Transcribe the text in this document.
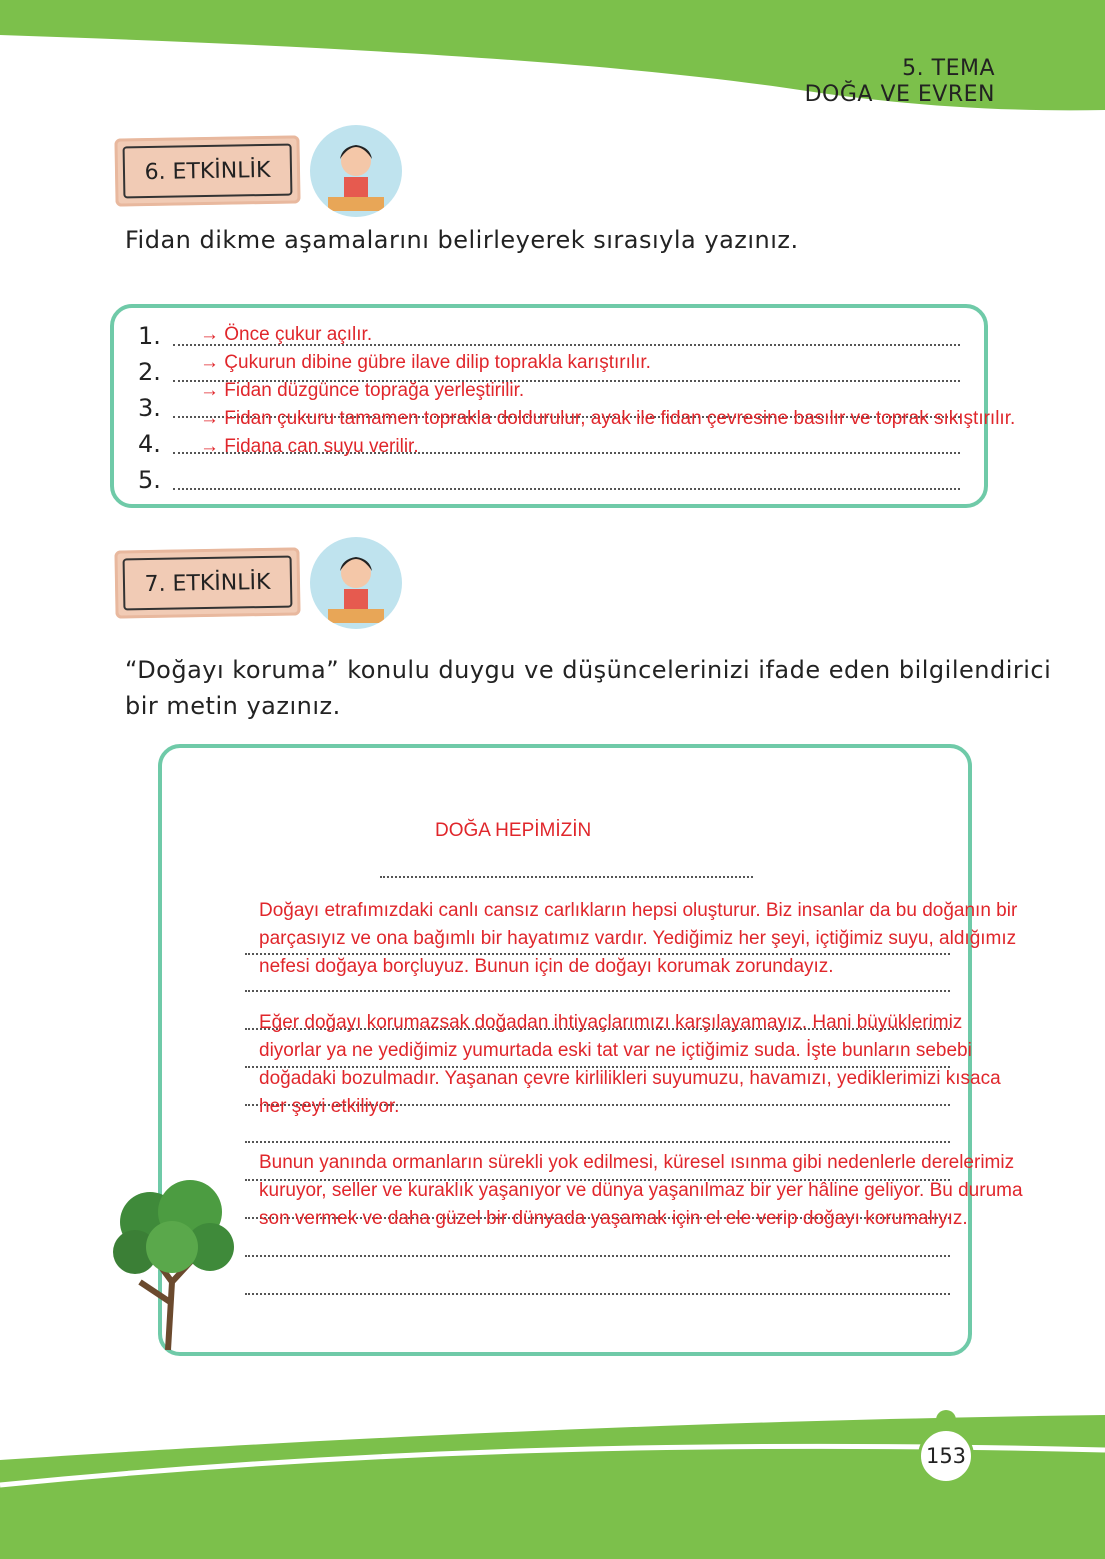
5. TEMA
DOĞA VE EVREN
6. ETKİNLİK
Fidan dikme aşamalarını belirleyerek sırasıyla yazınız.
1.
2.
3.
4.
5.
→ Önce çukur açılır.
→ Çukurun dibine gübre ilave dilip toprakla karıştırılır.
→ Fidan düzgünce toprağa yerleştirilir.
→ Fidan çukuru tamamen toprakla doldurulur, ayak ile fidan çevresine basılır ve toprak sıkıştırılır.
→ Fidana can suyu verilir.
7. ETKİNLİK
“Doğayı koruma” konulu duygu ve düşüncelerinizi ifade eden bilgilendirici
bir metin yazınız.
DOĞA HEPİMİZİN
Doğayı etrafımızdaki canlı cansız carlıkların hepsi oluşturur. Biz insanlar da bu doğanın bir
parçasıyız ve ona bağımlı bir hayatımız vardır. Yediğimiz her şeyi, içtiğimiz suyu, aldığımız
nefesi doğaya borçluyuz. Bunun için de doğayı korumak zorundayız.
Eğer doğayı korumazsak doğadan ihtiyaçlarımızı karşılayamayız. Hani büyüklerimiz
diyorlar ya ne yediğimiz yumurtada eski tat var ne içtiğimiz suda. İşte bunların sebebi
doğadaki bozulmadır. Yaşanan çevre kirlilikleri suyumuzu, havamızı, yediklerimizi kısaca
her şeyi etkiliyor.
Bunun yanında ormanların sürekli yok edilmesi, küresel ısınma gibi nedenlerle derelerimiz
kuruyor, seller ve kuraklık yaşanıyor ve dünya yaşanılmaz bir yer hâline geliyor. Bu duruma
son vermek ve daha güzel bir dünyada yaşamak için el ele verip doğayı korumalıyız.
153
